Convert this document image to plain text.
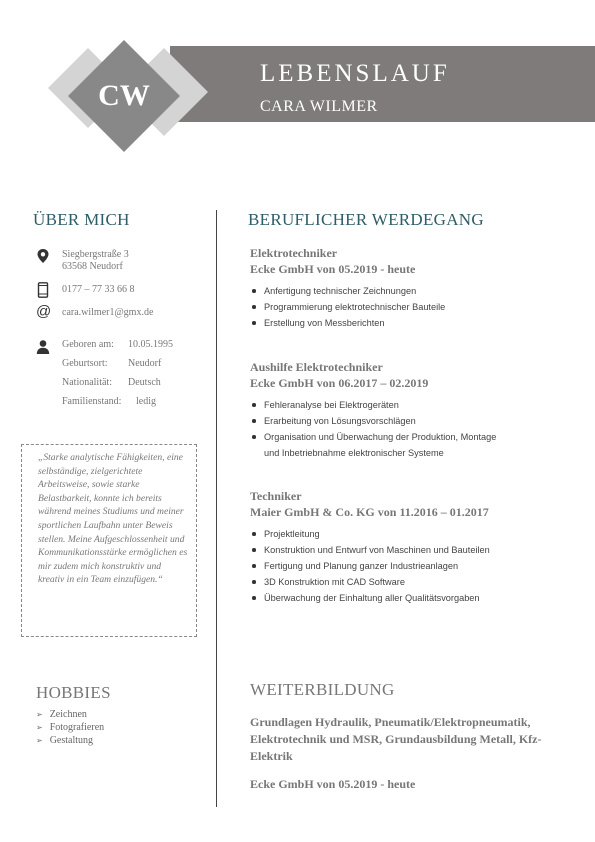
CW
LEBENSLAUF
CARA WILMER
ÜBER MICH
Siegbergstraße 3
63568 Neudorf
0177 – 77 33 66 8
@ cara.wilmer1@gmx.de
Geboren am: 10.05.1995
Geburtsort: Neudorf
Nationalität: Deutsch
Familienstand: ledig
„Starke analytische Fähigkeiten, eine selbständige, zielgerichtete Arbeitsweise, sowie starke Belastbarkeit, konnte ich bereits während meines Studiums und meiner sportlichen Laufbahn unter Beweis stellen. Meine Aufgeschlossenheit und Kommunikationsstärke ermöglichen es mir zudem mich konstruktiv und kreativ in ein Team einzufügen.“
HOBBIES
➢ Zeichnen
➢ Fotografieren
➢ Gestaltung
BERUFLICHER WERDEGANG
Elektrotechniker
Ecke GmbH von 05.2019 - heute
Anfertigung technischer Zeichnungen
Programmierung elektrotechnischer Bauteile
Erstellung von Messberichten
Aushilfe Elektrotechniker
Ecke GmbH von 06.2017 – 02.2019
Fehleranalyse bei Elektrogeräten
Erarbeitung von Lösungsvorschlägen
Organisation und Überwachung der Produktion, Montage
und Inbetriebnahme elektronischer Systeme
Techniker
Maier GmbH & Co. KG von 11.2016 – 01.2017
Projektleitung
Konstruktion und Entwurf von Maschinen und Bauteilen
Fertigung und Planung ganzer Industrieanlagen
3D Konstruktion mit CAD Software
Überwachung der Einhaltung aller Qualitätsvorgaben
WEITERBILDUNG
Grundlagen Hydraulik, Pneumatik/Elektropneumatik, Elektrotechnik und MSR, Grundausbildung Metall, Kfz-Elektrik
Ecke GmbH von 05.2019 - heute
